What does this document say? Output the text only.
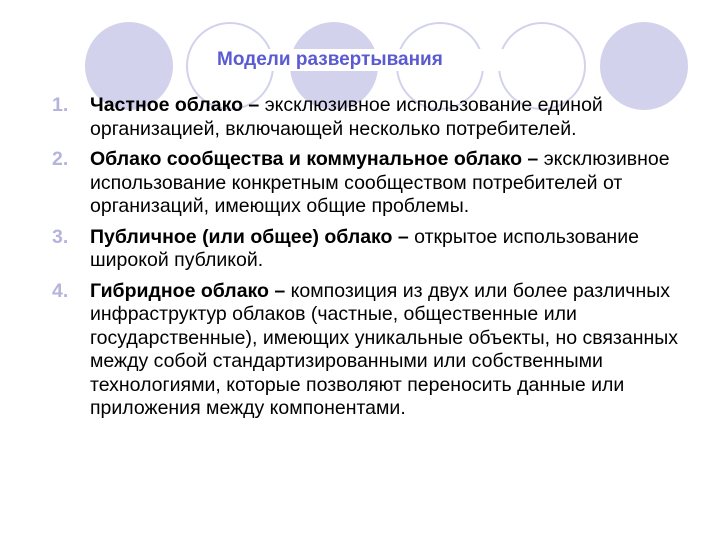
Модели развертывания
1. Частное облако – эксклюзивное использование единой организацией, включающей несколько потребителей.
2. Облако сообщества и коммунальное облако – эксклюзивное использование конкретным сообществом потребителей от организаций, имеющих общие проблемы.
3. Публичное (или общее) облако – открытое использование широкой публикой.
4. Гибридное облако – композиция из двух или более различных инфраструктур облаков (частные, общественные или государственные), имеющих уникальные объекты, но связанных между собой стандартизированными или собственными технологиями, которые позволяют переносить данные или приложения между компонентами.
